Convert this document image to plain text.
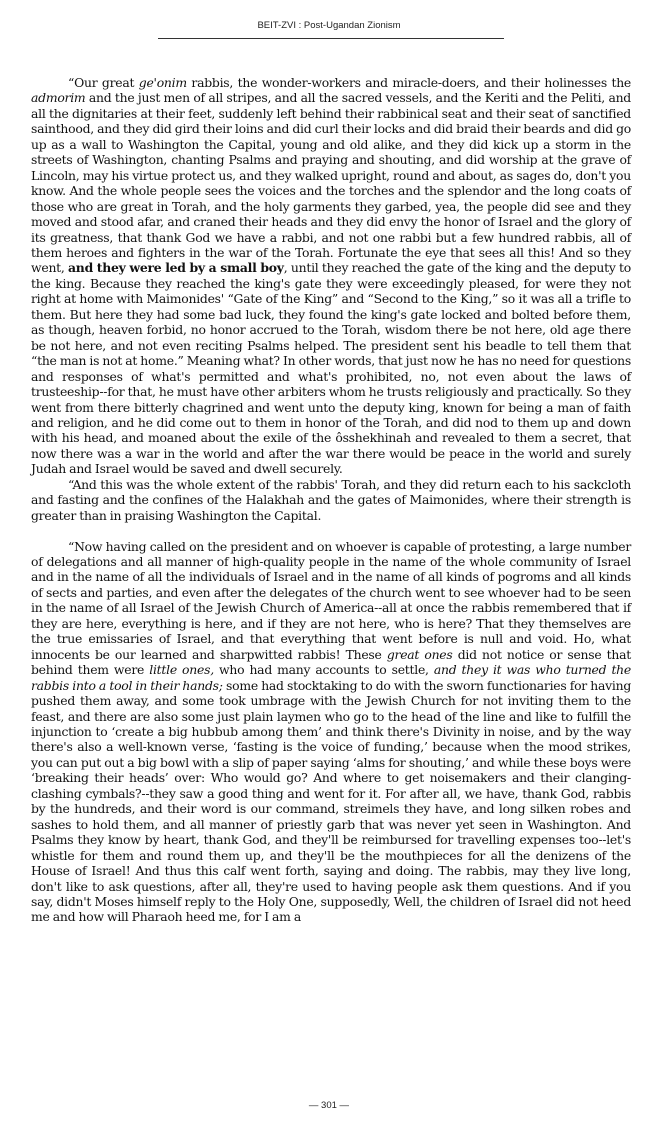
BEIT-ZVI : Post-Ugandan Zionism

“Our great ge'onim rabbis, the wonder-workers and miracle-doers, and their holinesses the admorim and the just men of all stripes, and all the sacred vessels, and the Keriti and the Peliti, and all the dignitaries at their feet, suddenly left behind their rabbinical seat and their seat of sanctified sainthood, and they did gird their loins and did curl their locks and did braid their beards and did go up as a wall to Washington the Capital, young and old alike, and they did kick up a storm in the streets of Washington, chanting Psalms and praying and shouting, and did worship at the grave of Lincoln, may his virtue protect us, and they walked upright, round and about, as sages do, don't you know. And the whole people sees the voices and the torches and the splendor and the long coats of those who are great in Torah, and the holy garments they garbed, yea, the people did see and they moved and stood afar, and craned their heads and they did envy the honor of Israel and the glory of its greatness, that thank God we have a rabbi, and not one rabbi but a few hundred rabbis, all of them heroes and fighters in the war of the Torah. Fortunate the eye that sees all this! And so they went, and they were led by a small boy, until they reached the gate of the king and the deputy to the king. Because they reached the king's gate they were exceedingly pleased, for were they not right at home with Maimonides' “Gate of the King” and “Second to the King,” so it was all a trifle to them. But here they had some bad luck, they found the king's gate locked and bolted before them, as though, heaven forbid, no honor accrued to the Torah, wisdom there be not here, old age there be not here, and not even reciting Psalms helped. The president sent his beadle to tell them that “the man is not at home.” Meaning what? In other words, that just now he has no need for questions and responses of what's permitted and what's prohibited, no, not even about the laws of trusteeship--for that, he must have other arbiters whom he trusts religiously and practically. So they went from there bitterly chagrined and went unto the deputy king, known for being a man of faith and religion, and he did come out to them in honor of the Torah, and did nod to them up and down with his head, and moaned about the exile of the ôsshekhinah and revealed to them a secret, that now there was a war in the world and after the war there would be peace in the world and surely Judah and Israel would be saved and dwell securely.

“And this was the whole extent of the rabbis' Torah, and they did return each to his sackcloth and fasting and the confines of the Halakhah and the gates of Maimonides, where their strength is greater than in praising Washington the Capital.

“Now having called on the president and on whoever is capable of protesting, a large number of delegations and all manner of high-quality people in the name of the whole community of Israel and in the name of all the individuals of Israel and in the name of all kinds of pogroms and all kinds of sects and parties, and even after the delegates of the church went to see whoever had to be seen in the name of all Israel of the Jewish Church of America--all at once the rabbis remembered that if they are here, everything is here, and if they are not here, who is here? That they themselves are the true emissaries of Israel, and that everything that went before is null and void. Ho, what innocents be our learned and sharpwitted rabbis! These great ones did not notice or sense that behind them were little ones, who had many accounts to settle, and they it was who turned the rabbis into a tool in their hands; some had stocktaking to do with the sworn functionaries for having pushed them away, and some took umbrage with the Jewish Church for not inviting them to the feast, and there are also some just plain laymen who go to the head of the line and like to fulfill the injunction to ‘create a big hubbub among them’ and think there's Divinity in noise, and by the way there's also a well-known verse, ‘fasting is the voice of funding,’ because when the mood strikes, you can put out a big bowl with a slip of paper saying ‘alms for shouting,’ and while these boys were ‘breaking their heads’ over: Who would go? And where to get noisemakers and their clanging-clashing cymbals?--they saw a good thing and went for it. For after all, we have, thank God, rabbis by the hundreds, and their word is our command, streimels they have, and long silken robes and sashes to hold them, and all manner of priestly garb that was never yet seen in Washington. And Psalms they know by heart, thank God, and they'll be reimbursed for travelling expenses too--let's whistle for them and round them up, and they'll be the mouthpieces for all the denizens of the House of Israel! And thus this calf went forth, saying and doing. The rabbis, may they live long, don't like to ask questions, after all, they're used to having people ask them questions. And if you say, didn't Moses himself reply to the Holy One, supposedly, Well, the children of Israel did not heed me and how will Pharaoh heed me, for I am a

— 301 —
